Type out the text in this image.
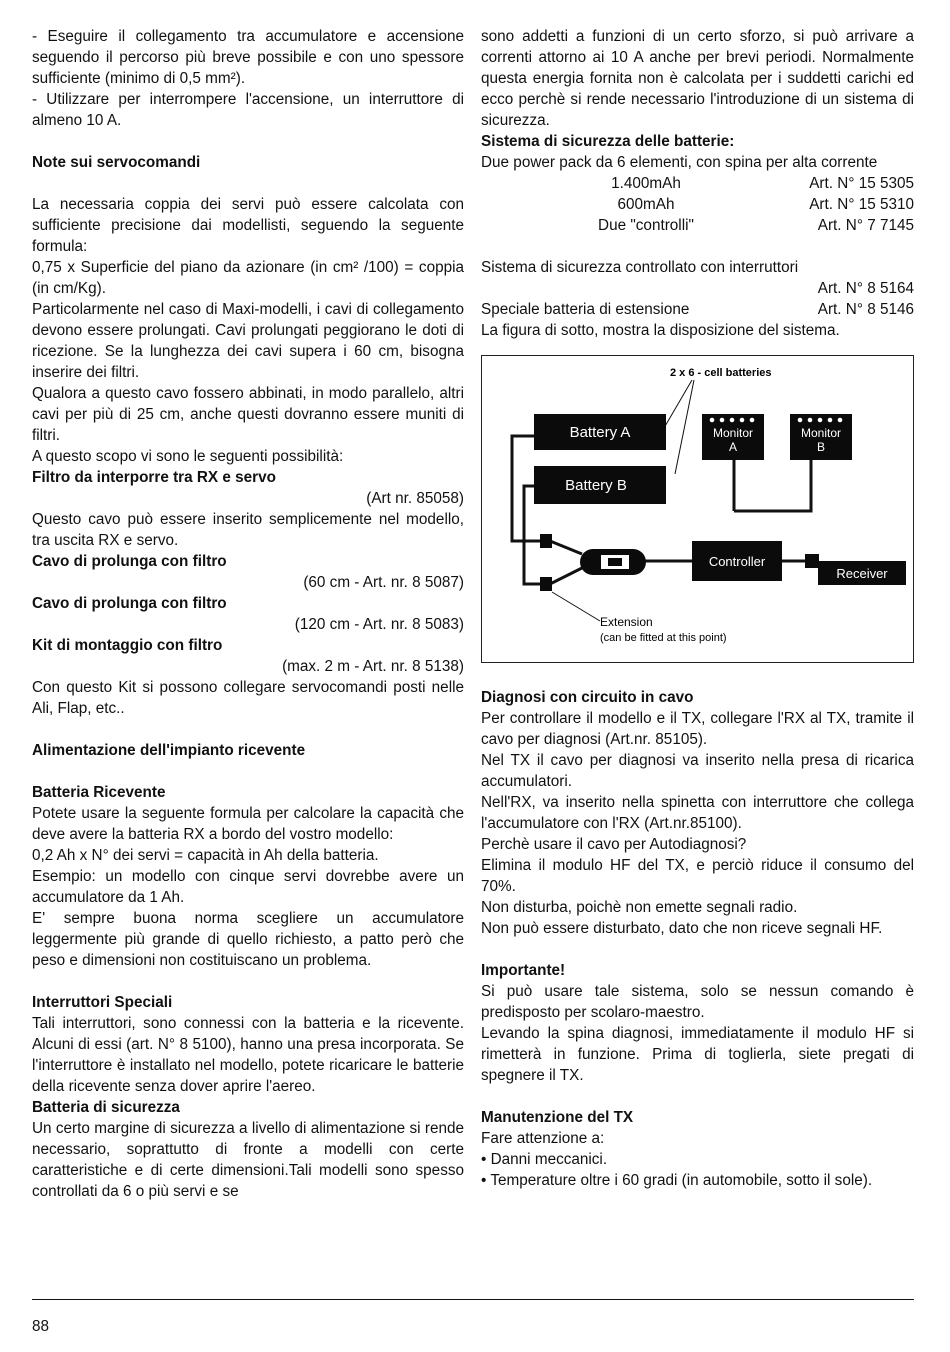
- Eseguire il collegamento tra accumulatore e accensione seguendo il percorso più breve possibile e con uno spessore sufficiente (minimo di 0,5 mm²).

- Utilizzare per interrompere l'accensione, un interruttore di almeno 10 A.

Note sui servocomandi

La necessaria coppia dei servi può essere calcolata con sufficiente precisione dai modellisti, seguendo la seguente formula:

0,75 x Superficie del piano da azionare (in cm² /100) = coppia (in cm/Kg).

Particolarmente nel caso di Maxi-modelli, i cavi di collegamento devono essere prolungati. Cavi prolungati peggiorano le doti di ricezione. Se la lunghezza dei cavi supera i 60 cm, bisogna inserire dei filtri.

Qualora a questo cavo fossero abbinati, in modo parallelo, altri cavi per più di 25 cm, anche questi dovranno essere muniti di filtri.

A questo scopo vi sono le seguenti possibilità:

Filtro da interporre tra RX e servo

(Art nr. 85058)

Questo cavo può essere inserito semplicemente nel modello, tra uscita RX e servo.

Cavo di prolunga con filtro

(60 cm - Art. nr. 8 5087)

Cavo di prolunga con filtro

(120 cm - Art. nr. 8 5083)

Kit di montaggio con filtro

(max. 2 m - Art. nr. 8 5138)

Con questo Kit si possono collegare servocomandi posti nelle Ali, Flap, etc..

Alimentazione dell'impianto ricevente

Batteria Ricevente

Potete usare la seguente formula per calcolare la capacità che deve avere la batteria RX a bordo del vostro modello:

0,2 Ah x N° dei servi = capacità in Ah della batteria.

Esempio: un modello con cinque servi dovrebbe avere un accumulatore da 1 Ah.

E' sempre buona norma scegliere un accumulatore leggermente più grande di quello richiesto, a patto però che peso e dimensioni non costituiscano un problema.

Interruttori Speciali

Tali interruttori, sono connessi con la batteria e la ricevente. Alcuni di essi (art. N° 8 5100), hanno una presa incorporata. Se l'interruttore è installato nel modello, potete ricaricare le batterie della ricevente senza dover aprire l'aereo.

Batteria di sicurezza

Un certo margine di sicurezza a livello di alimentazione si rende necessario, soprattutto di fronte a modelli con certe caratteristiche e di certe dimensioni.Tali modelli sono spesso controllati da 6 o più servi e se

sono addetti a funzioni di un certo sforzo, si può arrivare a correnti attorno ai 10 A anche per brevi periodi. Normalmente questa energia fornita non è calcolata per i suddetti carichi ed ecco perchè si rende necessario l'introduzione di un sistema di sicurezza.

Sistema di sicurezza delle batterie:

Due power pack da 6 elementi, con spina per alta corrente

1.400mAh	Art. N° 15 5305
600mAh	Art. N° 15 5310
Due "controlli"	Art. N° 7 7145

Sistema di sicurezza controllato con interruttori

Art. N° 8 5164

Speciale batteria di estensione	Art. N° 8 5146

La figura di sotto, mostra la disposizione del sistema.

2 x 6 - cell batteries
Battery A
Battery B
Monitor
A
Monitor
B
Controller
Receiver
Extension
(can be fitted at this point)

Diagnosi con circuito in cavo

Per controllare il modello e il TX, collegare l'RX al TX, tramite il cavo per diagnosi (Art.nr. 85105).

Nel TX il cavo per diagnosi va inserito nella presa di ricarica accumulatori.

Nell'RX, va inserito nella spinetta con interruttore che collega l'accumulatore con l'RX (Art.nr.85100).

Perchè usare il cavo per Autodiagnosi?

Elimina il modulo HF del TX, e perciò riduce il consumo del 70%.

Non disturba, poichè non emette segnali radio.

Non può essere disturbato, dato che non riceve segnali HF.

Importante!

Si può usare tale sistema, solo se nessun comando è predisposto per scolaro-maestro.

Levando la spina diagnosi, immediatamente il modulo HF si rimetterà in funzione. Prima di toglierla, siete pregati di spegnere il TX.

Manutenzione del TX

Fare attenzione a:

• Danni meccanici.

• Temperature oltre i 60 gradi (in automobile, sotto il sole).

88
